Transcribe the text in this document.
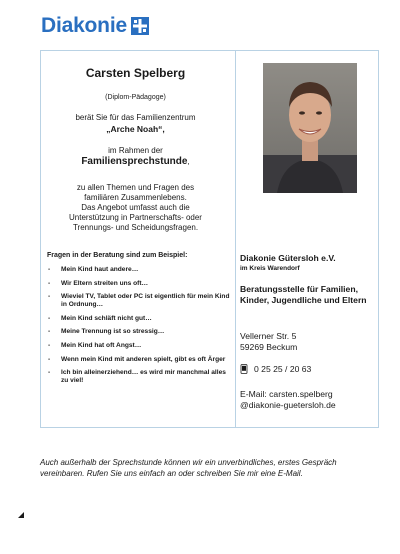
Diakonie
Carsten Spelberg
(Diplom-Pädagoge)
berät Sie für das Familienzentrum
„Arche Noah“,
im Rahmen der
Familiensprechstunde,
zu allen Themen und Fragen des
familiären Zusammenlebens.
Das Angebot umfasst auch die
Unterstützung in Partnerschafts- oder
Trennungs- und Scheidungsfragen.
Fragen in der Beratung sind zum Beispiel:
- Mein Kind haut andere…
- Wir Eltern streiten uns oft…
- Wieviel TV, Tablet oder PC ist eigentlich für mein Kind in Ordnung…
- Mein Kind schläft nicht gut…
- Meine Trennung ist so stressig…
- Mein Kind hat oft Angst…
- Wenn mein Kind mit anderen spielt, gibt es oft Ärger
- Ich bin alleinerziehend… es wird mir manchmal alles zu viel!
Diakonie Gütersloh e.V.
im Kreis Warendorf
Beratungsstelle für Familien, Kinder, Jugendliche und Eltern
Vellerner Str. 5
59269 Beckum
0 25 25 / 20 63
E-Mail: carsten.spelberg
@diakonie-guetersloh.de
Auch außerhalb der Sprechstunde können wir ein unverbindliches, erstes Gespräch vereinbaren. Rufen Sie uns einfach an oder schreiben Sie mir eine E-Mail.
